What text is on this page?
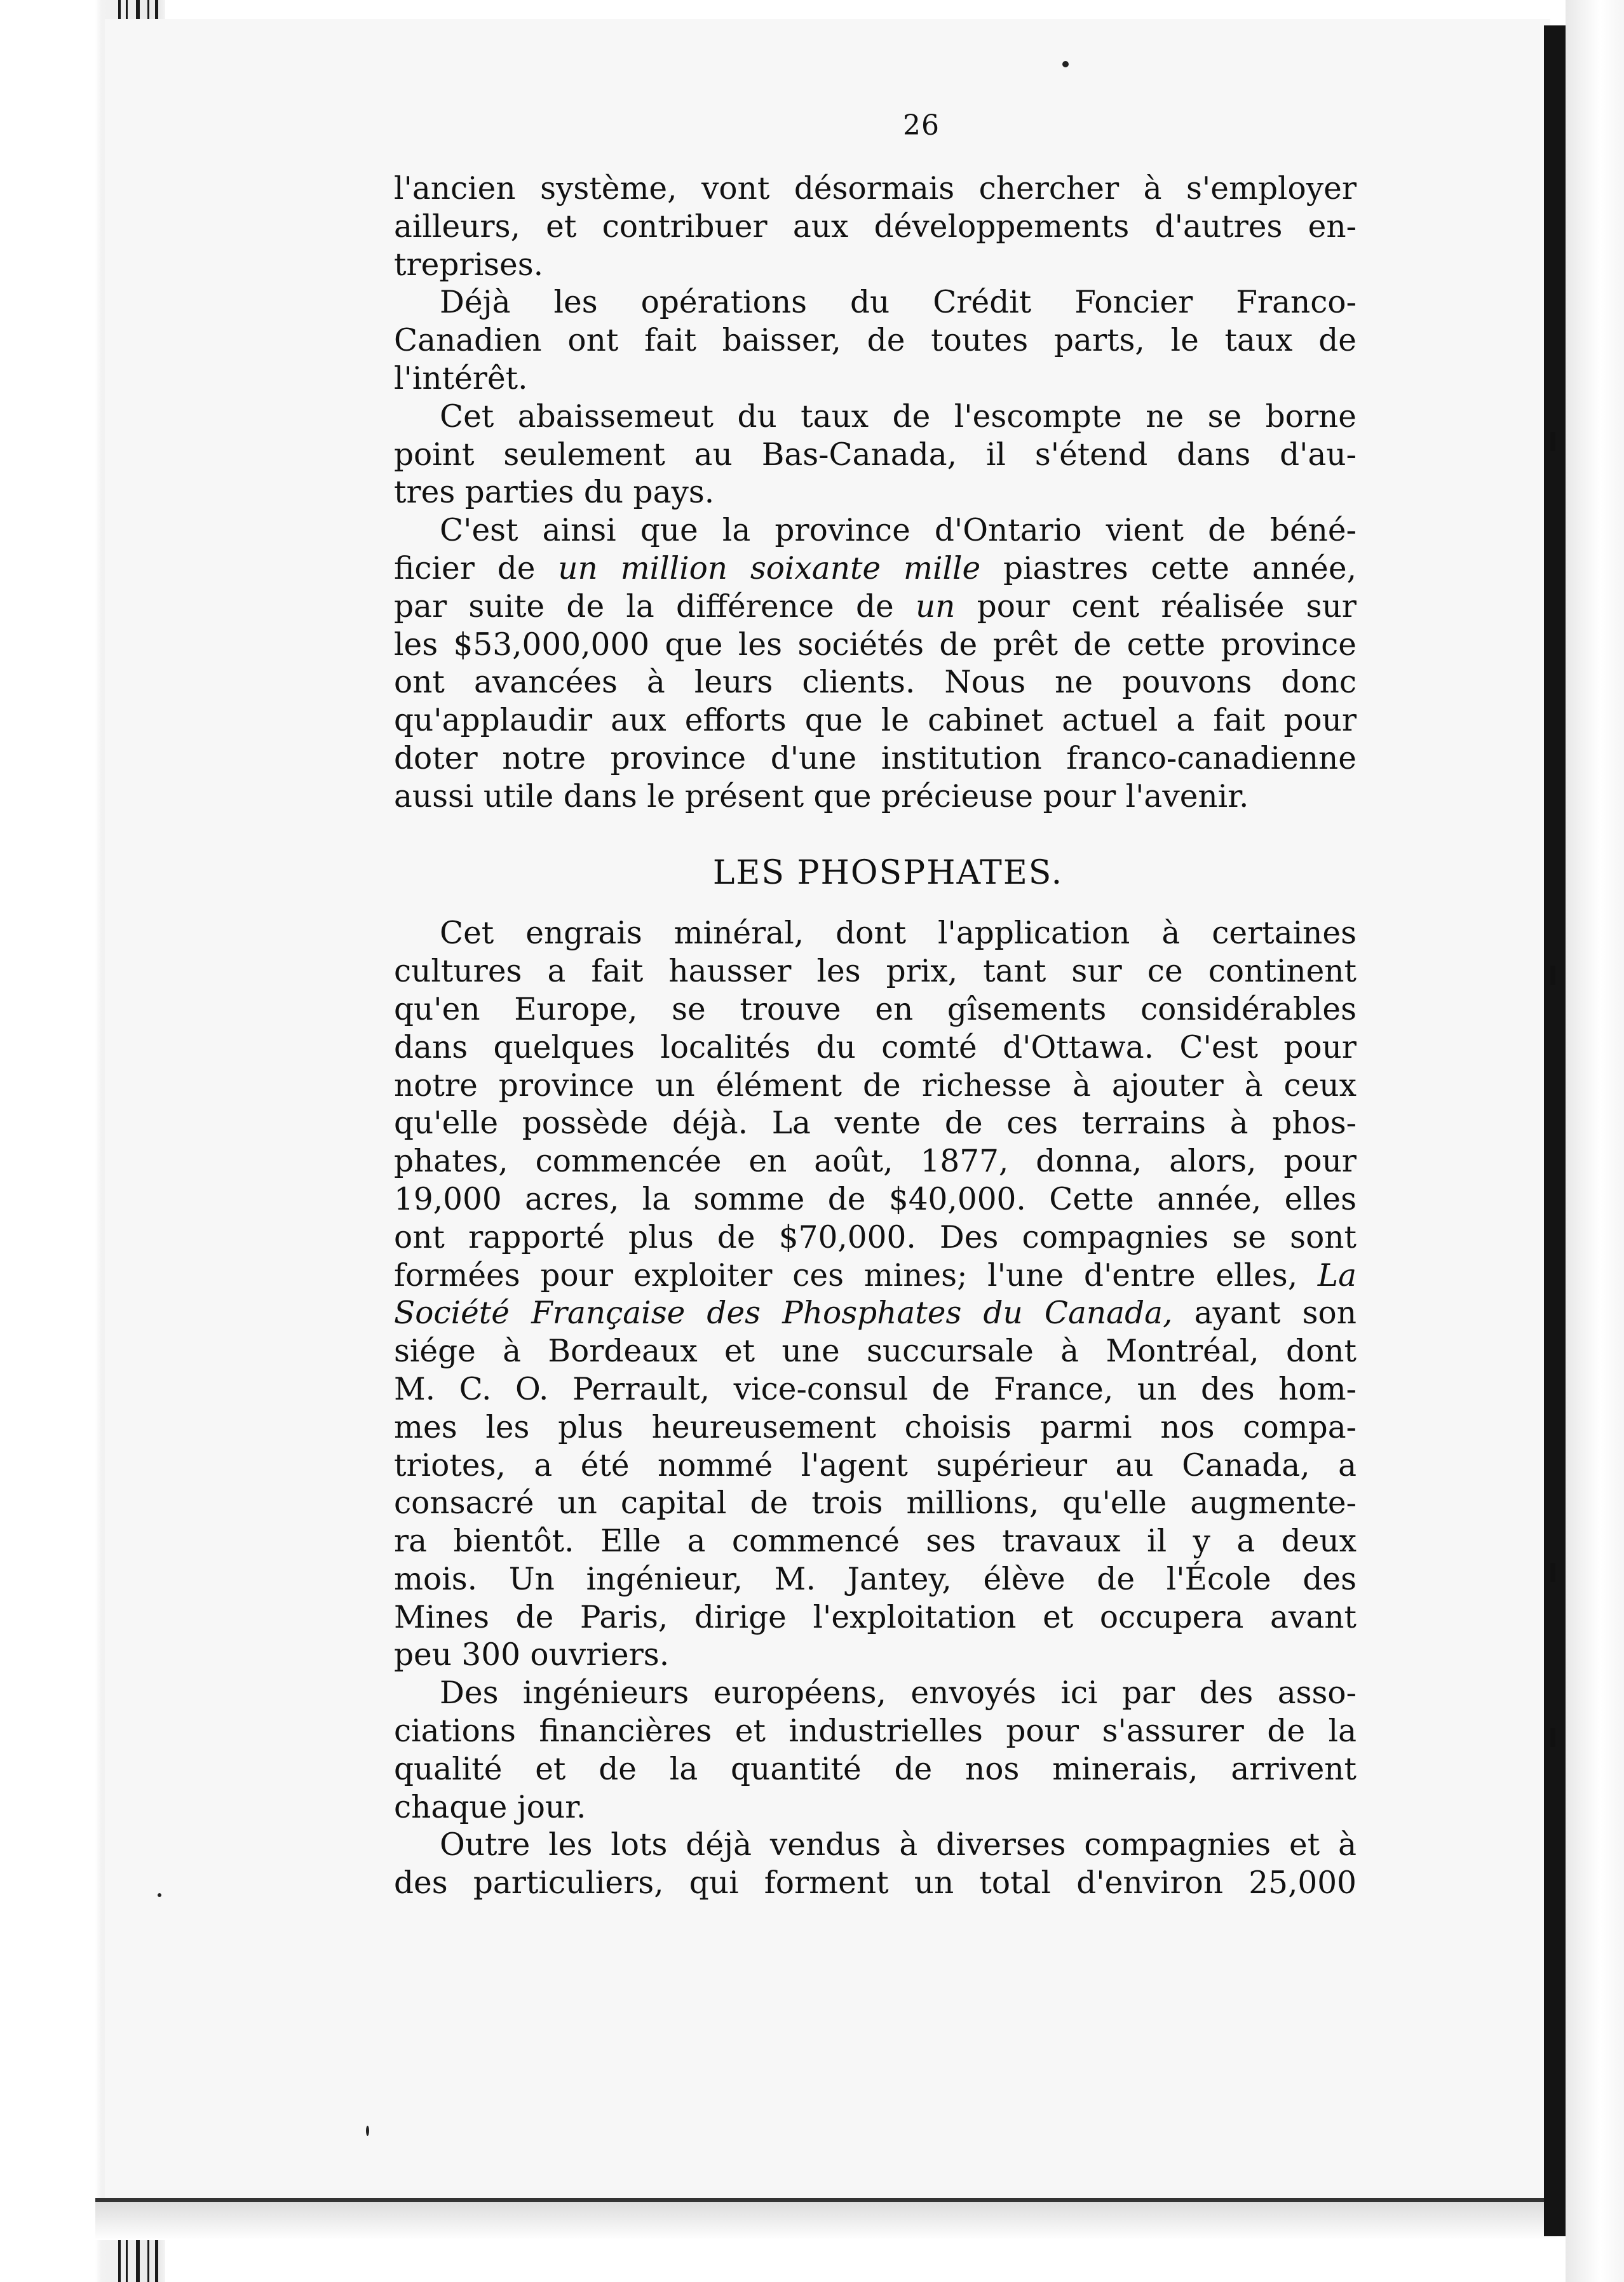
26
l'ancien système, vont désormais chercher à s'employer
ailleurs, et contribuer aux développements d'autres en-
treprises.
Déjà les opérations du Crédit Foncier Franco-
Canadien ont fait baisser, de toutes parts, le taux de
l'intérêt.
Cet abaissemeut du taux de l'escompte ne se borne
point seulement au Bas-Canada, il s'étend dans d'au-
tres parties du pays.
C'est ainsi que la province d'Ontario vient de béné-
ficier de un million soixante mille piastres cette année,
par suite de la différence de un pour cent réalisée sur
les $53,000,000 que les sociétés de prêt de cette province
ont avancées à leurs clients. Nous ne pouvons donc
qu'applaudir aux efforts que le cabinet actuel a fait pour
doter notre province d'une institution franco-canadienne
aussi utile dans le présent que précieuse pour l'avenir.
LES PHOSPHATES.
Cet engrais minéral, dont l'application à certaines
cultures a fait hausser les prix, tant sur ce continent
qu'en Europe, se trouve en gîsements considérables
dans quelques localités du comté d'Ottawa. C'est pour
notre province un élément de richesse à ajouter à ceux
qu'elle possède déjà. La vente de ces terrains à phos-
phates, commencée en août, 1877, donna, alors, pour
19,000 acres, la somme de $40,000. Cette année, elles
ont rapporté plus de $70,000. Des compagnies se sont
formées pour exploiter ces mines; l'une d'entre elles, La
Société Française des Phosphates du Canada, ayant son
siége à Bordeaux et une succursale à Montréal, dont
M. C. O. Perrault, vice-consul de France, un des hom-
mes les plus heureusement choisis parmi nos compa-
triotes, a été nommé l'agent supérieur au Canada, a
consacré un capital de trois millions, qu'elle augmente-
ra bientôt. Elle a commencé ses travaux il y a deux
mois. Un ingénieur, M. Jantey, élève de l'École des
Mines de Paris, dirige l'exploitation et occupera avant
peu 300 ouvriers.
Des ingénieurs européens, envoyés ici par des asso-
ciations financières et industrielles pour s'assurer de la
qualité et de la quantité de nos minerais, arrivent
chaque jour.
Outre les lots déjà vendus à diverses compagnies et à
des particuliers, qui forment un total d'environ 25,000
